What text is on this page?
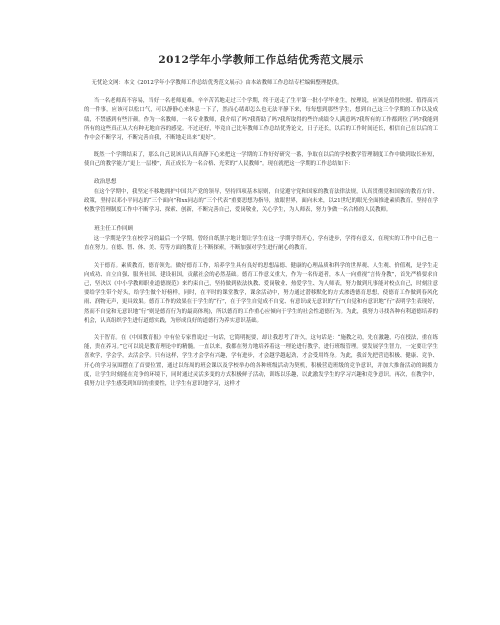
2012学年小学教师工作总结优秀范文展示
无忧论文网：本文《2012学年小学教师工作总结优秀范文展示》由本站教师工作总结专栏编辑整理提供。
当一名老师真不容易，当好一名老师更难。辛辛苦苦地走过三个学期，终于送走了生平第一批小学毕业生，按理说，应该是值得快慰、值得高兴的一件事，应该可以松口气，可以静静心来休息一下了，然而心绪却怎么也无法平静下来，每每想到那些学生，想到自己这三个学期的工作以及成绩，不禁感到有些汗颜。作为一名教师，一名专业教师，我介绍了吗?我帮助了吗?我所取得的些许成绩令人满意吗?我所有的工作都到位了吗?我能到所有的这些真正从大有种无地自容的感觉。不过还好，毕竟自己比年教师工作总结优秀论文，日子还长，以后的工作时间还长，相信自己在以后的工作中会不断学习，不断完善自我，不断地走出来“更好”。
既然一个学期结束了，那么自己说该认认真真静下心来把这一学期的工作好好研究一番，争取在以后的学校教学管理制度工作中做到取长补短，使自己的教学能力“更上一层楼”，真正成长为一名合格、光荣的“人民教师”。现在就把这一学期的工作总结如下：
政治思想
在这个学期中，我坚定不移地拥护中国共产党的领导，坚持四项基本原则，自觉遵守党和国家的教育法律法规，认真贯彻党和国家的教育方针、政策，坚持以邓小平同志的“三个面向”和xx同志的“三个代表”重要思想为指导，放眼世界，面向未来，以21世纪的眼光全面推进素质教育，坚持在学校教学管理制度工作中不断学习、探索、创新，不断完善自己，爱岗敬业，关心学生，为人师表，努力争做一名合格的人民教师。
班主任工作回顾
这一学期是学生在校学习的最后一个学期，曾经自纸黑字地计划让学生在这一学期学得开心，学有进步，学得有意义，在现实的工作中自己也一直在努力。在德、智、体、美、劳等方面的教育上不断探索，不断加强对学生进行耐心的教育。
关于德育。素质教育，德育领先。做好德育工作，培养学生具有良好的思想品德、健康的心理品质和科学的世界观、人生观、价值观，是学生走向成功、自立自强、服务社国、建设祖国，贡献社会的必然基础。德育工作意义重大，作为一名传道者，本人一向重视“言传身教”，首先严格要求自己，坚决以《中小学教师职业道德规范》来约束自己，坚持做到依法执教、爱岗敬业、热爱学生、为人师表，努力做到凡事能对校点自己，时刻注意要给学生带个好头，给学生做个好榜样，同时，在平时的课堂教学，课余活动中，努力通过潜移默化的方式渗透德育思想，使德育工作做到春风化雨、润物无声，更具效果。德育工作的效果在于学生的“行”，在于学生自觉成不自觉、有意识或无意识的“行”(自觉和有意识地“行”表明学生表现好，然而不自觉和无意识地“行”则是德育行为的最高体现)，所以德育的工作重心应倾向于学生的社会性道德行为。为此，我努力寻找各种有利道德培养的机会，认真组织学生进行道德实践，为形成良好的道德行为养实意识基础。
关于智育。在《中国教育报》中有位专家曾说过一句话，它简明扼要，却让我思考了许久，这句话是：“施教之功，先在激趣，巧在授法，重在练能，贵在养习。”它可以说是教育理论中的精髓。一直以来，我都在努力地培养着这一理论进行教学，进行班级管理。要发展学生智力，一定要让学生喜欢学，学会学，去活会学。只有这样，学生才会学有兴趣，学有进步，才会越学越起劲，才会受用终身。为此，我首先把营造积极、健康、竞争、开心的学习氛围摆在了首要位置，通过以每周的班会课以及学校举办的各种班级活动为契机，积极营造班级的竞争意识，并加大推备活动的调拨力度，让学生时刻能在竞争的环境下，同时通过灵活多变的方式积极鲜子活动，训练以乐趣，以此激发学生的学习兴趣和竞争意识。再次，在教学中，我努力让学生感受到知识的重要性，让学生有意识地学习，这样才
